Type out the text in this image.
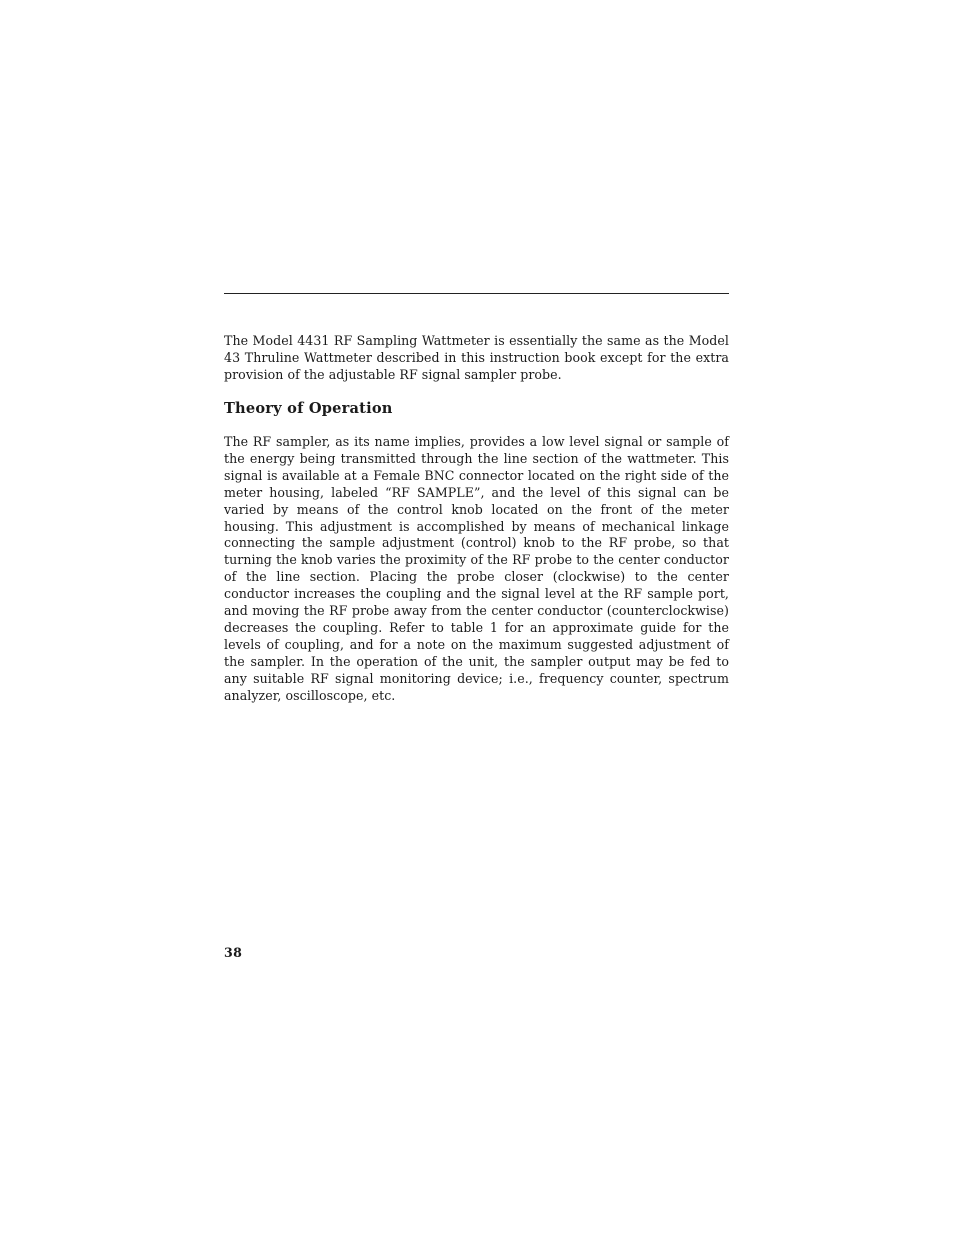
The Model 4431 RF Sampling Wattmeter is essentially the same as the Model 43 Thruline Wattmeter described in this instruction book except for the extra provision of the adjustable RF signal sampler probe.

Theory of Operation

The RF sampler, as its name implies, provides a low level signal or sample of the energy being transmitted through the line section of the wattmeter. This signal is available at a Female BNC connector located on the right side of the meter housing, labeled “RF SAMPLE”, and the level of this signal can be varied by means of the control knob located on the front of the meter housing. This adjustment is accomplished by means of mechanical linkage connecting the sample adjustment (control) knob to the RF probe, so that turning the knob varies the proximity of the RF probe to the center conductor of the line section. Placing the probe closer (clockwise) to the center conductor increases the coupling and the signal level at the RF sample port, and moving the RF probe away from the center conductor (counterclockwise) decreases the coupling. Refer to table 1 for an approximate guide for the levels of coupling, and for a note on the maximum suggested adjustment of the sampler. In the operation of the unit, the sampler output may be fed to any suitable RF signal monitoring device; i.e., frequency counter, spectrum analyzer, oscilloscope, etc.

38
